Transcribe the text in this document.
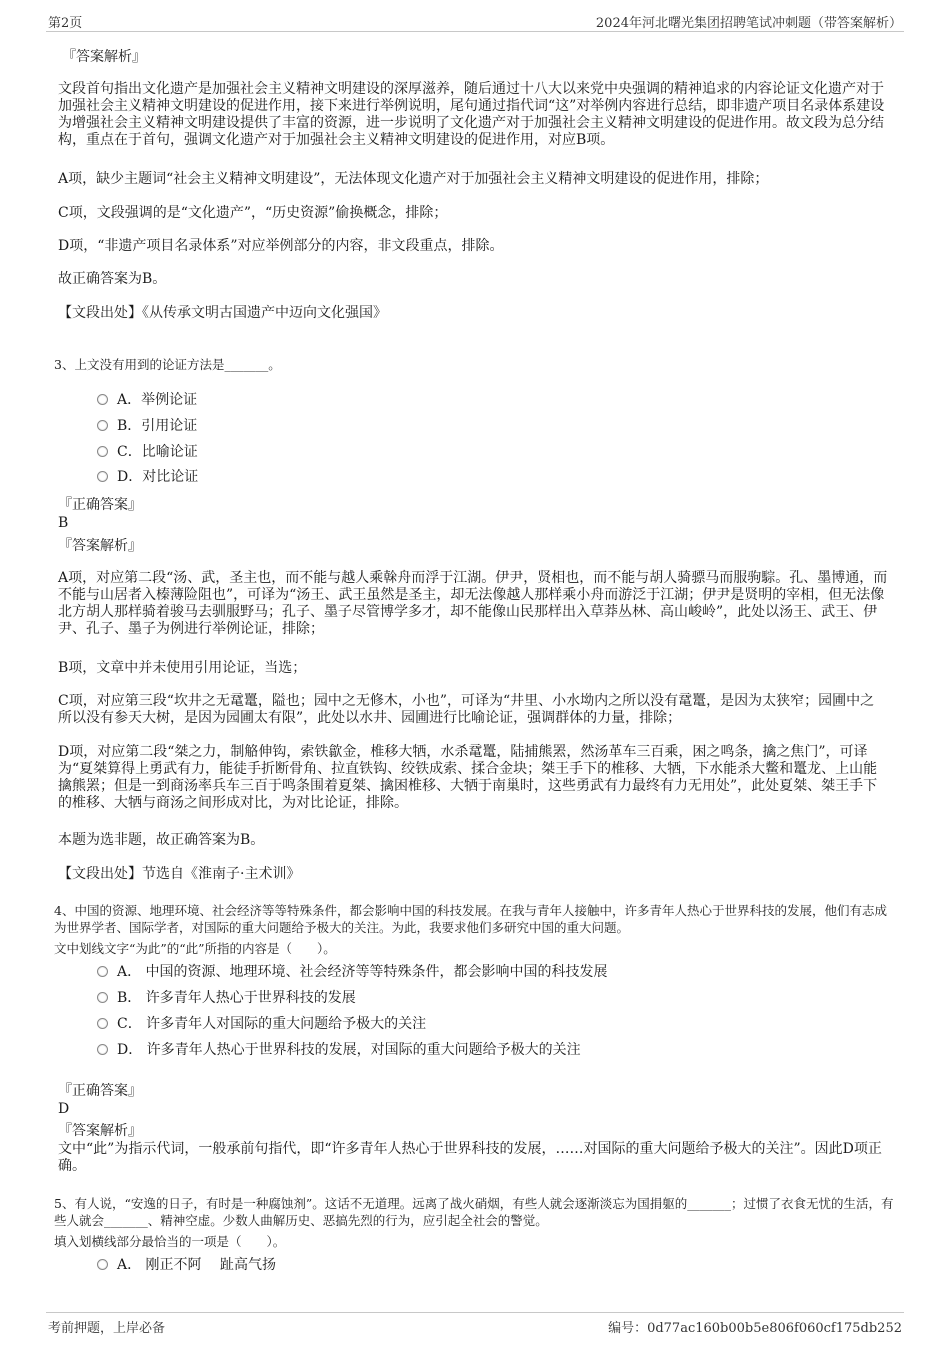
第2页	2024年河北曙光集团招聘笔试冲刺题（带答案解析）
『答案解析』

文段首句指出文化遗产是加强社会主义精神文明建设的深厚滋养，随后通过十八大以来党中央强调的精神追求的内容论证文化遗产对于加强社会主义精神文明建设的促进作用，接下来进行举例说明，尾句通过指代词“这”对举例内容进行总结，即非遗产项目名录体系建设为增强社会主义精神文明建设提供了丰富的资源，进一步说明了文化遗产对于加强社会主义精神文明建设的促进作用。故文段为总分结构，重点在于首句，强调文化遗产对于加强社会主义精神文明建设的促进作用，对应B项。

A项，缺少主题词“社会主义精神文明建设”，无法体现文化遗产对于加强社会主义精神文明建设的促进作用，排除；

C项，文段强调的是“文化遗产”，“历史资源”偷换概念，排除；

D项，“非遗产项目名录体系”对应举例部分的内容，非文段重点，排除。

故正确答案为B。

【文段出处】《从传承文明古国遗产中迈向文化强国》

3、上文没有用到的论证方法是_______。

A．举例论证
B．引用论证
C．比喻论证
D．对比论证
『正确答案』
B
『答案解析』

A项，对应第二段“汤、武，圣主也，而不能与越人乘榦舟而浮于江湖。伊尹，贤相也，而不能与胡人骑骠马而服驹騌。孔、墨博通，而不能与山居者入榛薄险阻也”，可译为“汤王、武王虽然是圣主，却无法像越人那样乘小舟而游泛于江湖；伊尹是贤明的宰相，但无法像北方胡人那样骑着骏马去驯服野马；孔子、墨子尽管博学多才，却不能像山民那样出入草莽丛林、高山峻岭”，此处以汤王、武王、伊尹、孔子、墨子为例进行举例论证，排除；

B项，文章中并未使用引用论证，当选；

C项，对应第三段“坎井之无鼋鼍，隘也；园中之无修木，小也”，可译为“井里、小水坳内之所以没有鼋鼍，是因为太狭窄；园圃中之所以没有参天大树，是因为园圃太有限”，此处以水井、园圃进行比喻论证，强调群体的力量，排除；

D项，对应第二段“桀之力，制觡伸钩，索铁歙金，椎移大牺，水杀鼋鼍，陆捕熊罴，然汤革车三百乘，困之鸣条，擒之焦门”，可译为“夏桀算得上勇武有力，能徒手折断骨角、拉直铁钩、绞铁成索、揉合金块；桀王手下的椎移、大牺，下水能杀大鳖和鼍龙、上山能擒熊罴；但是一到商汤率兵车三百于鸣条围着夏桀、擒困椎移、大牺于南巢时，这些勇武有力最终有力无用处”，此处夏桀、桀王手下的椎移、大牺与商汤之间形成对比，为对比论证，排除。

本题为选非题，故正确答案为B。

【文段出处】节选自《淮南子·主术训》

4、中国的资源、地理环境、社会经济等等特殊条件，都会影响中国的科技发展。在我与青年人接触中，许多青年人热心于世界科技的发展，他们有志成为世界学者、国际学者，对国际的重大问题给予极大的关注。为此，我要求他们多研究中国的重大问题。

文中划线文字“为此”的“此”所指的内容是（　　）。

A． 中国的资源、地理环境、社会经济等等特殊条件，都会影响中国的科技发展
B． 许多青年人热心于世界科技的发展
C． 许多青年人对国际的重大问题给予极大的关注
D． 许多青年人热心于世界科技的发展，对国际的重大问题给予极大的关注
『正确答案』
D
『答案解析』

文中“此”为指示代词，一般承前句指代，即“许多青年人热心于世界科技的发展，……对国际的重大问题给予极大的关注”。因此D项正确。

5、有人说，“安逸的日子，有时是一种腐蚀剂”。这话不无道理。远离了战火硝烟，有些人就会逐渐淡忘为国捐躯的_______；过惯了衣食无忧的生活，有些人就会_______、精神空虚。少数人曲解历史、恶搞先烈的行为，应引起全社会的警觉。

填入划横线部分最恰当的一项是（　　）。

A． 刚正不阿　 趾高气扬
考前押题，上岸必备	编号：0d77ac160b00b5e806f060cf175db252
